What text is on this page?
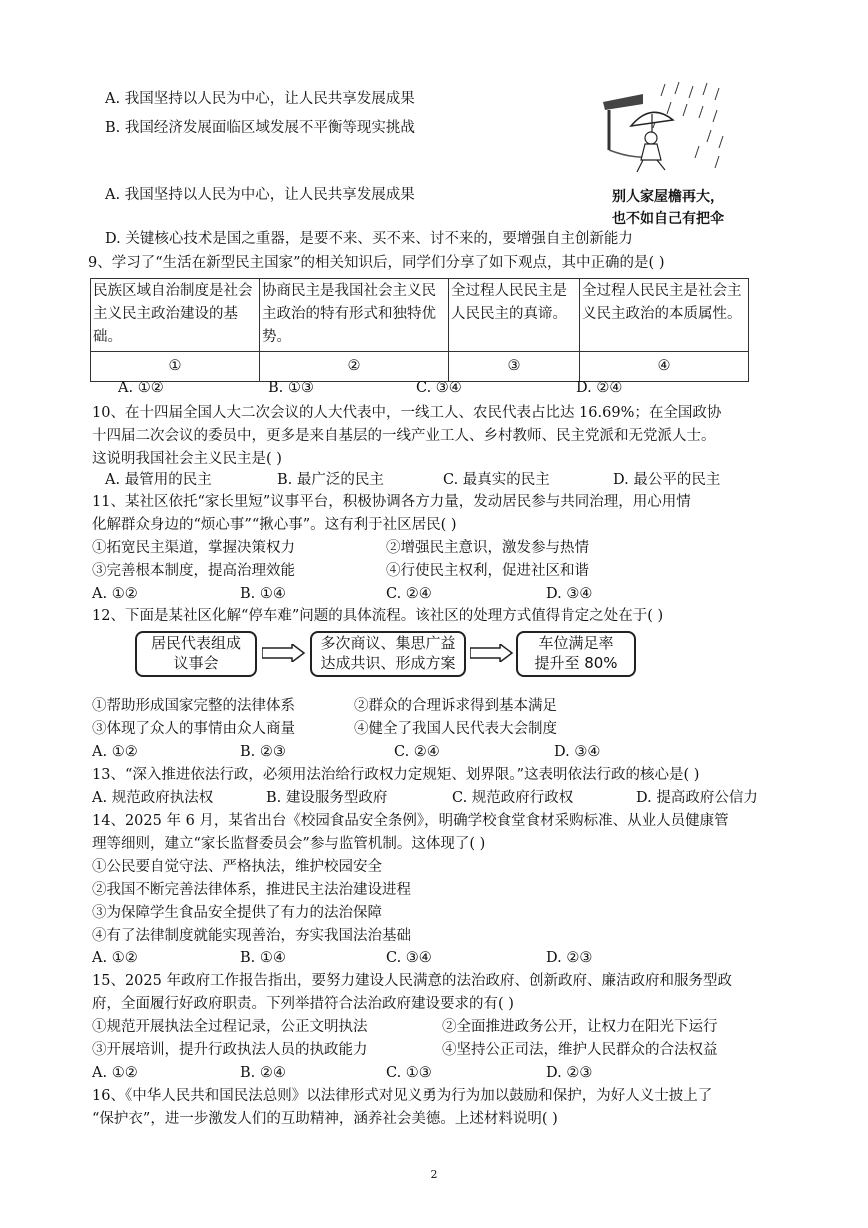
A. 我国坚持以人民为中心，让人民共享发展成果
B. 我国经济发展面临区域发展不平衡等现实挑战
A. 我国坚持以人民为中心，让人民共享发展成果
D. 关键核心技术是国之重器，是要不来、买不来、讨不来的，要增强自主创新能力
别人家屋檐再大，
也不如自己有把伞
9、学习了“生活在新型民主国家”的相关知识后，同学们分享了如下观点，其中正确的是( )
民族区域自治制度是社会主义民主政治建设的基础。	协商民主是我国社会主义民主政治的特有形式和独特优势。	全过程人民民主是人民民主的真谛。	全过程人民民主是社会主义民主政治的本质属性。
①	②	③	④
A. ①②	B. ①③	C. ③④	D. ②④
10、在十四届全国人大二次会议的人大代表中，一线工人、农民代表占比达 16.69%；在全国政协
十四届二次会议的委员中，更多是来自基层的一线产业工人、乡村教师、民主党派和无党派人士。
这说明我国社会主义民主是( )
A. 最管用的民主	B. 最广泛的民主	C. 最真实的民主	D. 最公平的民主
11、某社区依托“家长里短”议事平台，积极协调各方力量，发动居民参与共同治理，用心用情
化解群众身边的“烦心事”“揪心事”。这有利于社区居民( )
①拓宽民主渠道，掌握决策权力	②增强民主意识，激发参与热情
③完善根本制度，提高治理效能	④行使民主权利，促进社区和谐
A. ①②	B. ①④	C. ②④	D. ③④
12、下面是某社区化解“停车难”问题的具体流程。该社区的处理方式值得肯定之处在于( )
居民代表组成
议事会
多次商议、集思广益
达成共识、形成方案
车位满足率
提升至 80%
①帮助形成国家完整的法律体系	②群众的合理诉求得到基本满足
③体现了众人的事情由众人商量	④健全了我国人民代表大会制度
A. ①②	B. ②③	C. ②④	D. ③④
13、“深入推进依法行政，必须用法治给行政权力定规矩、划界限。”这表明依法行政的核心是( )
A. 规范政府执法权	B. 建设服务型政府	C. 规范政府行政权	D. 提高政府公信力
14、2025 年 6 月，某省出台《校园食品安全条例》，明确学校食堂食材采购标准、从业人员健康管
理等细则，建立“家长监督委员会”参与监管机制。这体现了( )
①公民要自觉守法、严格执法，维护校园安全
②我国不断完善法律体系，推进民主法治建设进程
③为保障学生食品安全提供了有力的法治保障
④有了法律制度就能实现善治，夯实我国法治基础
A. ①②	B. ①④	C. ③④	D. ②③
15、2025 年政府工作报告指出，要努力建设人民满意的法治政府、创新政府、廉洁政府和服务型政
府，全面履行好政府职责。下列举措符合法治政府建设要求的有( )
①规范开展执法全过程记录，公正文明执法	②全面推进政务公开，让权力在阳光下运行
③开展培训，提升行政执法人员的执政能力	④坚持公正司法，维护人民群众的合法权益
A. ①②	B. ②④	C. ①③	D. ②③
16、《中华人民共和国民法总则》以法律形式对见义勇为行为加以鼓励和保护，为好人义士披上了
“保护衣”，进一步激发人们的互助精神，涵养社会美德。上述材料说明( )
2
